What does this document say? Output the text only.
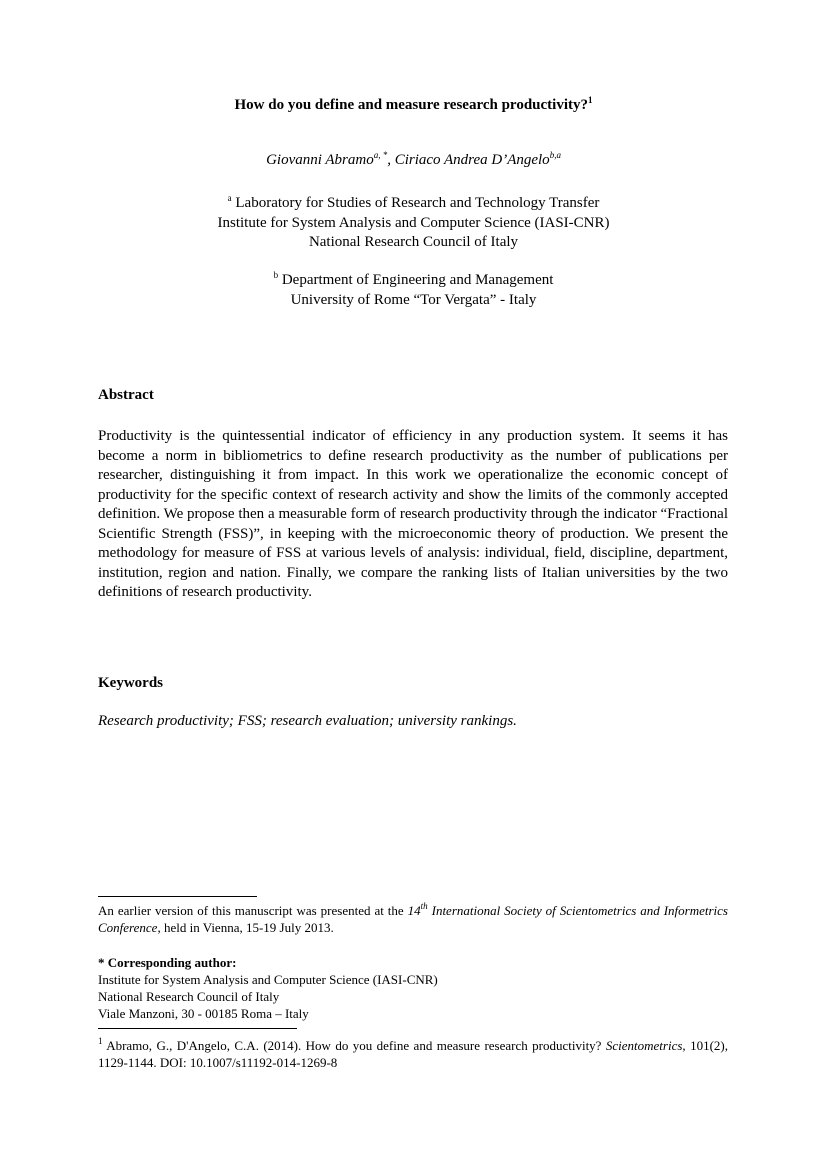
How do you define and measure research productivity?$^1$
Giovanni Abramo$^{a, *}$, Ciriaco Andrea D’Angelo$^{b,a}$
$^a$ Laboratory for Studies of Research and Technology Transfer
Institute for System Analysis and Computer Science (IASI-CNR)
National Research Council of Italy
$^b$ Department of Engineering and Management
University of Rome “Tor Vergata” - Italy
Abstract

Productivity is the quintessential indicator of efficiency in any production system. It seems it has become a norm in bibliometrics to define research productivity as the number of publications per researcher, distinguishing it from impact. In this work we operationalize the economic concept of productivity for the specific context of research activity and show the limits of the commonly accepted definition. We propose then a measurable form of research productivity through the indicator “Fractional Scientific Strength (FSS)”, in keeping with the microeconomic theory of production. We present the methodology for measure of FSS at various levels of analysis: individual, field, discipline, department, institution, region and nation. Finally, we compare the ranking lists of Italian universities by the two definitions of research productivity.

Keywords
Research productivity; FSS; research evaluation; university rankings.
An earlier version of this manuscript was presented at the 14th International Society of Scientometrics and Informetrics Conference, held in Vienna, 15-19 July 2013.
* Corresponding author:
Institute for System Analysis and Computer Science (IASI-CNR)
National Research Council of Italy
Viale Manzoni, 30 - 00185 Roma – Italy
$^1$ Abramo, G., D'Angelo, C.A. (2014). How do you define and measure research productivity? Scientometrics, 101(2), 1129-1144. DOI: 10.1007/s11192-014-1269-8
